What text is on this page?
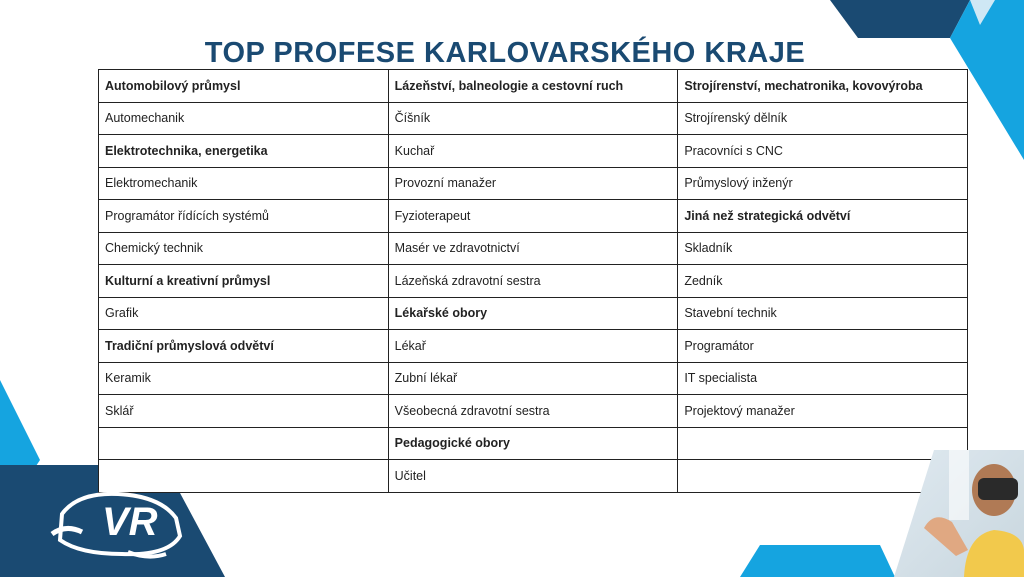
TOP PROFESE KARLOVARSKÉHO KRAJE
Automobilový průmysl	Lázeňství, balneologie a cestovní ruch	Strojírenství, mechatronika, kovovýroba
Automechanik	Číšník	Strojírenský dělník
Elektrotechnika, energetika	Kuchař	Pracovníci s CNC
Elektromechanik	Provozní manažer	Průmyslový inženýr
Programátor řídících systémů	Fyzioterapeut	Jiná než strategická odvětví
Chemický technik	Masér ve zdravotnictví	Skladník
Kulturní a kreativní průmysl	Lázeňská zdravotní sestra	Zedník
Grafik	Lékařské obory	Stavební technik
Tradiční průmyslová odvětví	Lékař	Programátor
Keramik	Zubní lékař	IT specialista
Sklář	Všeobecná zdravotní sestra	Projektový manažer
	Pedagogické obory	
	Učitel	
VR
